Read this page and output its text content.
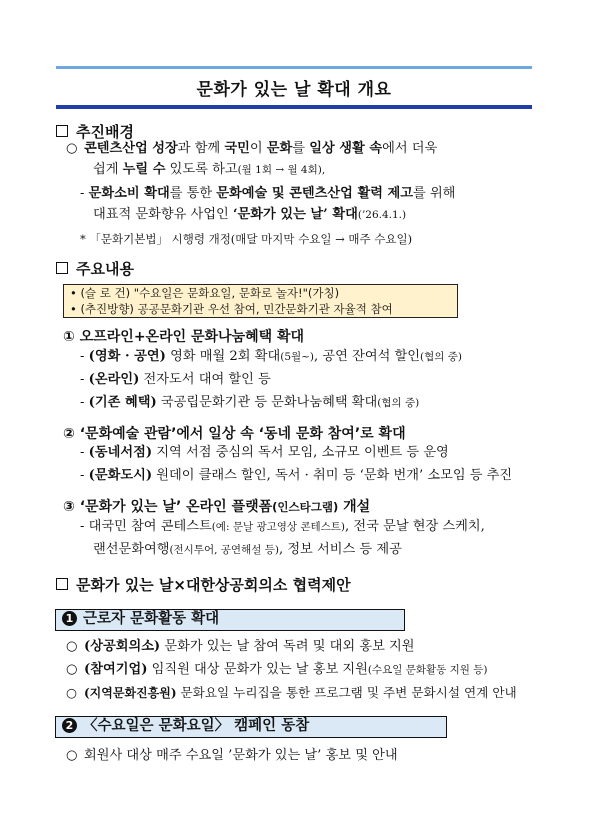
문화가 있는 날 확대 개요
추진배경
○ 콘텐츠산업 성장과 함께 국민이 문화를 일상 생활 속에서 더욱
쉽게 누릴 수 있도록 하고(월 1회 → 월 4회),
- 문화소비 확대를 통한 문화예술 및 콘텐츠산업 활력 제고를 위해
대표적 문화향유 사업인 ‘문화가 있는 날’ 확대(’26.4.1.)
* 「문화기본법」 시행령 개정(매달 마지막 수요일 → 매주 수요일)
주요내용
• (슬 로 건) "수요일은 문화요일, 문화로 놀자!"(가칭)
• (추진방향) 공공문화기관 우선 참여, 민간문화기관 자율적 참여
① 오프라인+온라인 문화나눔혜택 확대
- (영화 · 공연) 영화 매월 2회 확대(5월~), 공연 잔여석 할인(협의 중)
- (온라인) 전자도서 대여 할인 등
- (기존 혜택) 국공립문화기관 등 문화나눔혜택 확대(협의 중)
② ‘문화예술 관람’에서 일상 속 ‘동네 문화 참여’로 확대
- (동네서점) 지역 서점 중심의 독서 모임, 소규모 이벤트 등 운영
- (문화도시) 원데이 클래스 할인, 독서 · 취미 등 ‘문화 번개’ 소모임 등 추진
③ ‘문화가 있는 날’ 온라인 플랫폼(인스타그램) 개설
- 대국민 참여 콘테스트(예: 문날 광고영상 콘테스트), 전국 문날 현장 스케치,
랜선문화여행(전시투어, 공연해설 등), 정보 서비스 등 제공
문화가 있는 날×대한상공회의소 협력제안
1 근로자 문화활동 확대
○ (상공회의소) 문화가 있는 날 참여 독려 및 대외 홍보 지원
○ (참여기업) 임직원 대상 문화가 있는 날 홍보 지원(수요일 문화활동 지원 등)
○ (지역문화진흥원) 문화요일 누리집을 통한 프로그램 및 주변 문화시설 연계 안내
2 〈수요일은 문화요일〉 캠페인 동참
○ 회원사 대상 매주 수요일 ’문화가 있는 날’ 홍보 및 안내
